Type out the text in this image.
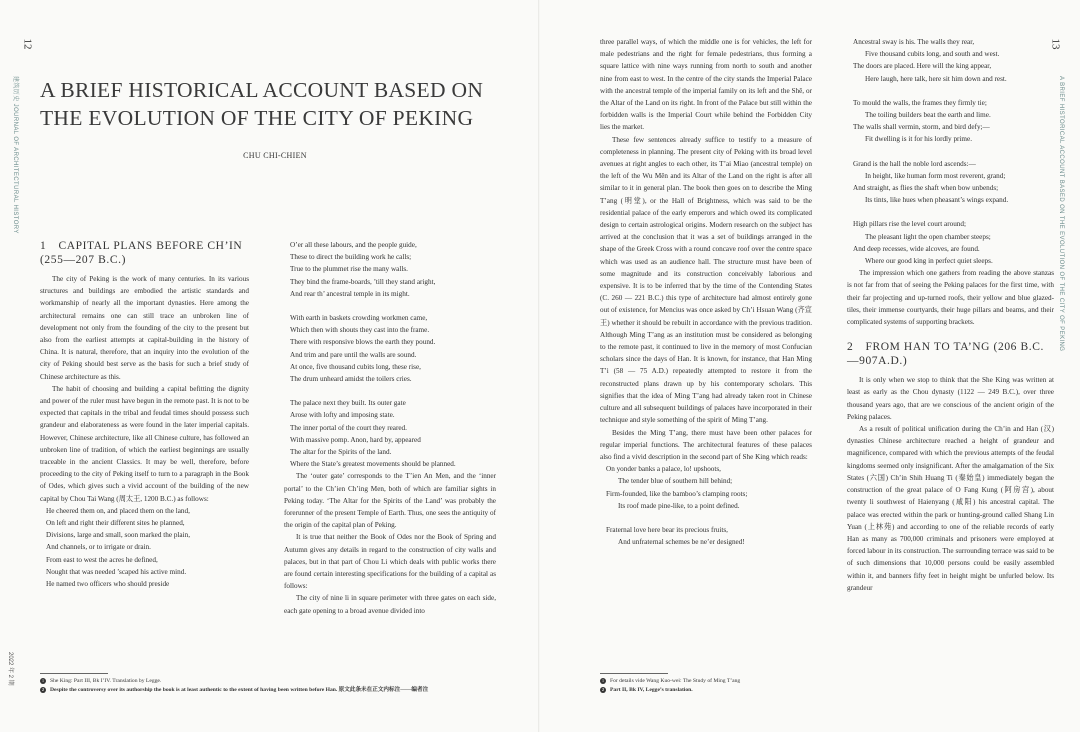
12
建筑历史 JOURNAL OF ARCHITECTURAL HISTORY
2022 年 2 期
A BRIEF HISTORICAL ACCOUNT BASED ON THE EVOLUTION OF THE CITY OF PEKING
CHU CHI-CHIEN
1　CAPITAL PLANS BEFORE CH’IN (255—207 B.C.)

The city of Peking is the work of many centuries. In its various structures and buildings are embodied the artistic standards and workmanship of nearly all the important dynasties. Here among the architectural remains one can still trace an unbroken line of development not only from the founding of the city to the present but also from the earliest attempts at capital-building in the history of China. It is natural, therefore, that an inquiry into the evolution of the city of Peking should best serve as the basis for such a brief study of Chinese architecture as this.

The habit of choosing and building a capital befitting the dignity and power of the ruler must have begun in the remote past. It is not to be expected that capitals in the tribal and feudal times should possess such grandeur and elaborateness as were found in the later imperial capitals. However, Chinese architecture, like all Chinese culture, has followed an unbroken line of tradition, of which the earliest beginnings are usually traceable in the ancient Classics. It may be well, therefore, before proceeding to the city of Peking itself to turn to a paragraph in the Book of Odes, which gives such a vivid account of the building of the new capital by Chou Tai Wang (周太王, 1200 B.C.) as follows:

He cheered them on, and placed them on the land,

On left and right their different sites he planned,

Divisions, large and small, soon marked the plain,

And channels, or to irrigate or drain.

From east to west the acres he defined,

Nought that was needed ’scaped his active mind.

He named two officers who should preside

O’er all these labours, and the people guide,

These to direct the building work he calls;

True to the plummet rise the many walls.

They bind the frame-boards, ’till they stand aright,

And rear th’ ancestral temple in its might.

With earth in baskets crowding workmen came,

Which then with shouts they cast into the frame.

There with responsive blows the earth they pound.

And trim and pare until the walls are sound.

At once, five thousand cubits long, these rise,

The drum unheard amidst the toilers cries.

The palace next they built. Its outer gate

Arose with lofty and imposing state.

The inner portal of the court they reared.

With massive pomp. Anon, hard by, appeared

The altar for the Spirits of the land.

Where the State’s greatest movements should be planned.

The ‘outer gate’ corresponds to the T’ien An Men, and the ‘inner portal’ to the Ch’ien Ch’ing Men, both of which are familiar sights in Peking today. ‘The Altar for the Spirits of the Land’ was probably the forerunner of the present Temple of Earth. Thus, one sees the antiquity of the origin of the capital plan of Peking.

It is true that neither the Book of Odes nor the Book of Spring and Autumn gives any details in regard to the construction of city walls and palaces, but in that part of Chou Li which deals with public works there are found certain interesting specifications for the building of a capital as follows:

The city of nine li in square perimeter with three gates on each side, each gate opening to a broad avenue divided into

1 She King: Part III, Bk I’IV. Translation by Legge.
2 Despite the controversy over its authorship the book is at least authentic to the extent of having been written before Han. 原文此条未在正文内标注——编者注
13

three parallel ways, of which the middle one is for vehicles, the left for male pedestrians and the right for female pedestrians, thus forming a square lattice with nine ways running from north to south and another nine from east to west. In the centre of the city stands the Imperial Palace with the ancestral temple of the imperial family on its left and the Shê, or the Altar of the Land on its right. In front of the Palace but still within the forbidden walls is the Imperial Court while behind the Forbidden City lies the market.

These few sentences already suffice to testify to a measure of completeness in planning. The present city of Peking with its broad level avenues at right angles to each other, its T’ai Miao (ancestral temple) on the left of the Wu Mên and its Altar of the Land on the right is after all similar to it in general plan. The book then goes on to describe the Ming T’ang (明堂), or the Hall of Brightness, which was said to be the residential palace of the early emperors and which owed its complicated design to certain astrological origins. Modern research on the subject has arrived at the conclusion that it was a set of buildings arranged in the shape of the Greek Cross with a round concave roof over the centre space which was used as an audience hall. The structure must have been of some magnitude and its construction conceivably laborious and expensive. It is to be inferred that by the time of the Contending States (C. 260 — 221 B.C.) this type of architecture had almost entirely gone out of existence, for Mencius was once asked by Ch’i Hsuan Wang (齐宣王) whether it should be rebuilt in accordance with the previous tradition. Although Ming T’ang as an institution must be considered as belonging to the remote past, it continued to live in the memory of most Confucian scholars since the days of Han. It is known, for instance, that Han Ming T’i (58 — 75 A.D.) repeatedly attempted to restore it from the reconstructed plans drawn up by his contemporary scholars. This signifies that the idea of Ming T’ang had already taken root in Chinese culture and all subsequent buildings of palaces have incorporated in their technique and style something of the spirit of Ming T’ang.

Besides the Ming T’ang, there must have been other palaces for regular imperial functions. The architectural features of these palaces also find a vivid description in the second part of She King which reads:

On yonder banks a palace, lo! upshoots,

The tender blue of southern hill behind;

Firm-founded, like the bamboo’s clamping roots;

Its roof made pine-like, to a point defined.

Fraternal love here bear its precious fruits,

And unfraternal schemes be ne’er designed!

Ancestral sway is his. The walls they rear,

Five thousand cubits long, and south and west.

The doors are placed. Here will the king appear,

Here laugh, here talk, here sit him down and rest.

To mould the walls, the frames they firmly tie;

The toiling builders beat the earth and lime.

The walls shall vermin, storm, and bird defy;—

Fit dwelling is it for his lordly prime.

Grand is the hall the noble lord ascends:—

In height, like human form most reverent, grand;

And straight, as flies the shaft when bow unbends;

Its tints, like hues when pheasant’s wings expand.

High pillars rise the level court around;

The pleasant light the open chamber steeps;

And deep recesses, wide alcoves, are found.

Where our good king in perfect quiet sleeps.

The impression which one gathers from reading the above stanzas is not far from that of seeing the Peking palaces for the first time, with their far projecting and up-turned roofs, their yellow and blue glazed-tiles, their immense courtyards, their huge pillars and beams, and their complicated systems of supporting brackets.

2　FROM HAN TO TA’NG (206 B.C.—907A.D.)

It is only when we stop to think that the She King was written at least as early as the Chou dynasty (1122 — 249 B.C.), over three thousand years ago, that are we conscious of the ancient origin of the Peking palaces.

As a result of political unification during the Ch’in and Han (汉) dynasties Chinese architecture reached a height of grandeur and magnificence, compared with which the previous attempts of the feudal kingdoms seemed only insignificant. After the amalgamation of the Six States (六国) Ch’in Shih Huang Ti (秦始皇) immediately began the construction of the great palace of O Fang Kung (阿房宫), about twenty li southwest of Haienyang (咸阳) his ancestral capital. The palace was erected within the park or hunting-ground called Shang Lin Yuan (上林苑) and according to one of the reliable records of early Han as many as 700,000 criminals and prisoners were employed at forced labour in its construction. The surrounding terrace was said to be of such dimensions that 10,000 persons could be easily assembled within it, and banners fifty feet in height might be unfurled below. Its grandeur

A BRIEF HISTORICAL ACCOUNT BASED ON THE EVOLUTION OF THE CITY OF PEKING
1 For details vide Wang Kuo-wei: The Study of Ming T’ang
2 Part II, Bk IV, Legge’s translation.
